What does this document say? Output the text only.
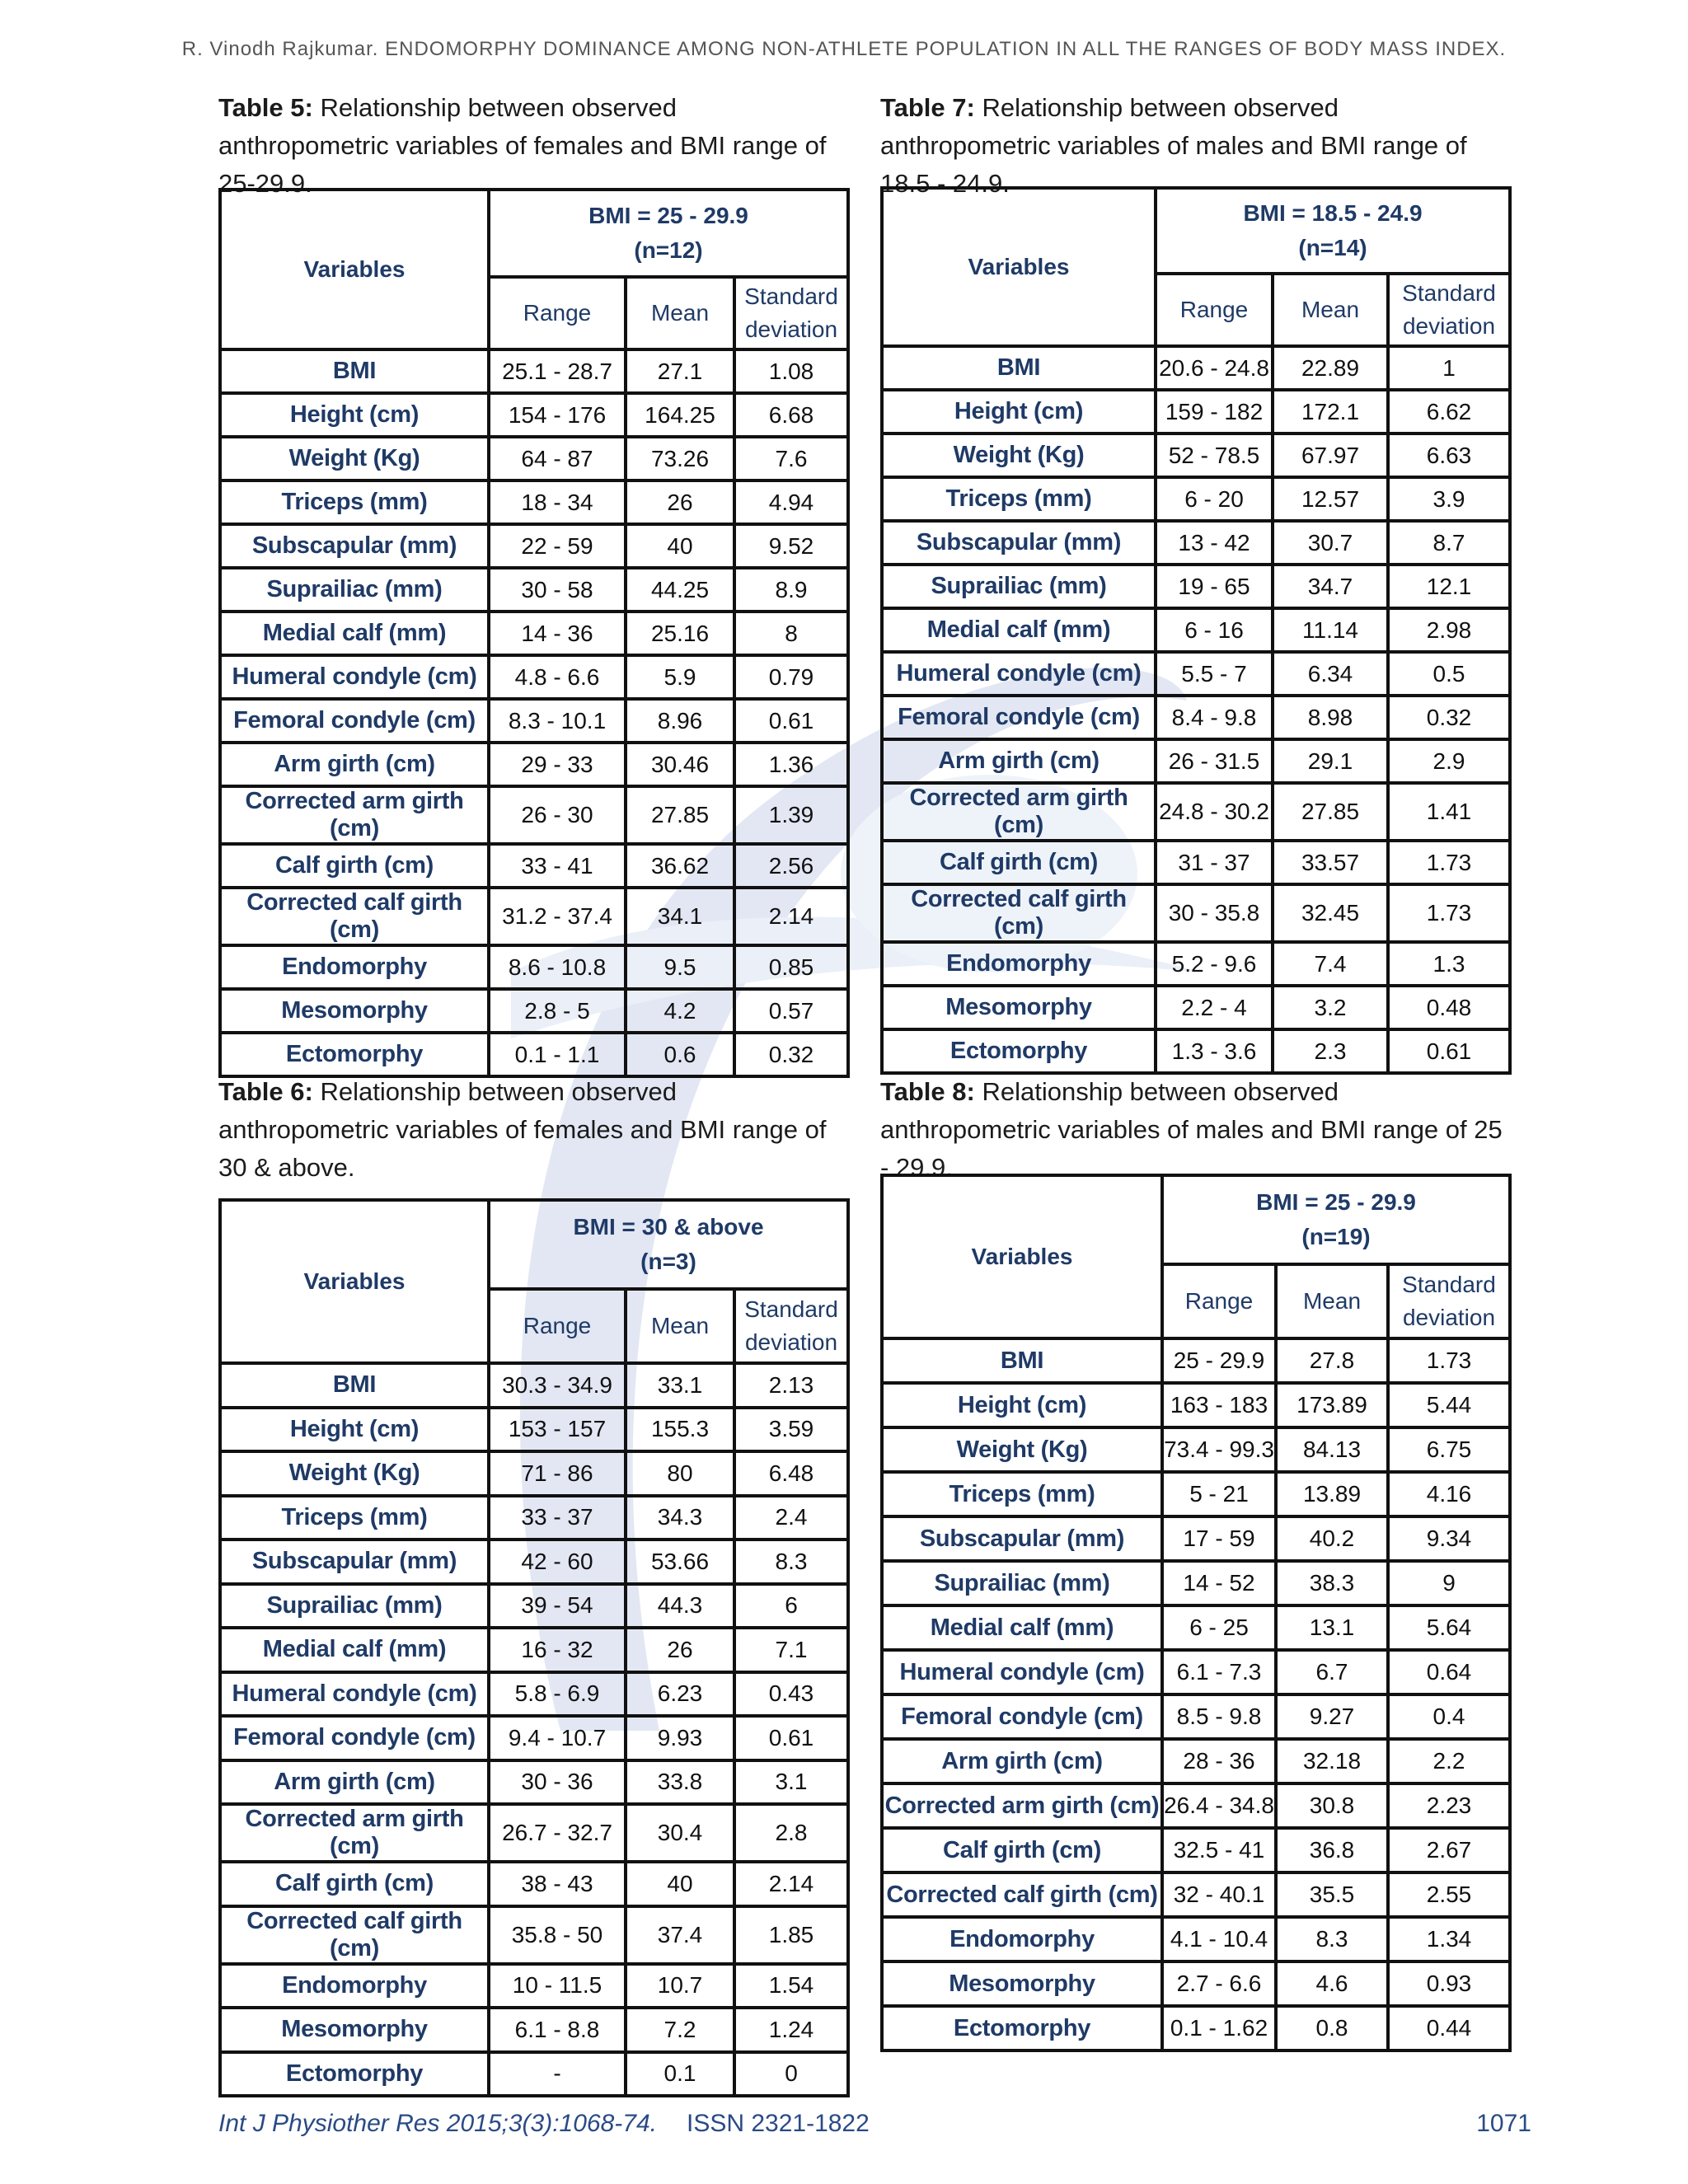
R. Vinodh Rajkumar. ENDOMORPHY DOMINANCE AMONG NON-ATHLETE POPULATION IN ALL THE RANGES OF BODY MASS INDEX.

Table 5: Relationship between observed anthropometric variables of females and BMI range of 25-29.9.

Variables	BMI = 25 - 29.9
(n=12)		

	Range	Mean	Standard
deviation

BMI	25.1 - 28.7	27.1	1.08
Height (cm)	154 - 176	164.25	6.68
Weight (Kg)	64 - 87	73.26	7.6
Triceps (mm)	18 - 34	26	4.94
Subscapular (mm)	22 - 59	40	9.52
Suprailiac (mm)	30 - 58	44.25	8.9
Medial calf (mm)	14 - 36	25.16	8
Humeral condyle (cm)	4.8 - 6.6	5.9	0.79
Femoral condyle (cm)	8.3 - 10.1	8.96	0.61
Arm girth (cm)	29 - 33	30.46	1.36
Corrected arm girth (cm)	26 - 30	27.85	1.39
Calf girth (cm)	33 - 41	36.62	2.56
Corrected calf girth (cm)	31.2 - 37.4	34.1	2.14
Endomorphy	8.6 - 10.8	9.5	0.85
Mesomorphy	2.8 - 5	4.2	0.57
Ectomorphy	0.1 - 1.1	0.6	0.32

Table 6: Relationship between observed anthropometric variables of females and BMI range of 30 & above.

Variables	BMI = 30 & above
(n=3)		

	Range	Mean	Standard
deviation

BMI	30.3 - 34.9	33.1	2.13
Height (cm)	153 - 157	155.3	3.59
Weight (Kg)	71 - 86	80	6.48
Triceps (mm)	33 - 37	34.3	2.4
Subscapular (mm)	42 - 60	53.66	8.3
Suprailiac (mm)	39 - 54	44.3	6
Medial calf (mm)	16 - 32	26	7.1
Humeral condyle (cm)	5.8 - 6.9	6.23	0.43
Femoral condyle (cm)	9.4 - 10.7	9.93	0.61
Arm girth (cm)	30 - 36	33.8	3.1
Corrected arm girth (cm)	26.7 - 32.7	30.4	2.8
Calf girth (cm)	38 - 43	40	2.14
Corrected calf girth (cm)	35.8 - 50	37.4	1.85
Endomorphy	10 - 11.5	10.7	1.54
Mesomorphy	6.1 - 8.8	7.2	1.24
Ectomorphy	-	0.1	0

Table 7: Relationship between observed anthropometric variables of males and BMI range of 18.5 - 24.9.

Variables	BMI = 18.5 - 24.9
(n=14)		

	Range	Mean	Standard
deviation

BMI	20.6 - 24.8	22.89	1
Height (cm)	159 - 182	172.1	6.62
Weight (Kg)	52 - 78.5	67.97	6.63
Triceps (mm)	6 - 20	12.57	3.9
Subscapular (mm)	13 - 42	30.7	8.7
Suprailiac (mm)	19 - 65	34.7	12.1
Medial calf (mm)	6 - 16	11.14	2.98
Humeral condyle (cm)	5.5 - 7	6.34	0.5
Femoral condyle (cm)	8.4 - 9.8	8.98	0.32
Arm girth (cm)	26 - 31.5	29.1	2.9
Corrected arm girth (cm)	24.8 - 30.2	27.85	1.41
Calf girth (cm)	31 - 37	33.57	1.73
Corrected calf girth (cm)	30 - 35.8	32.45	1.73
Endomorphy	5.2 - 9.6	7.4	1.3
Mesomorphy	2.2 - 4	3.2	0.48
Ectomorphy	1.3 - 3.6	2.3	0.61

Table 8: Relationship between observed anthropometric variables of males and BMI range of 25 - 29.9.

Variables	BMI = 25 - 29.9
(n=19)		

	Range	Mean	Standard
deviation

BMI	25 - 29.9	27.8	1.73
Height (cm)	163 - 183	173.89	5.44
Weight (Kg)	73.4 - 99.3	84.13	6.75
Triceps (mm)	5 - 21	13.89	4.16
Subscapular (mm)	17 - 59	40.2	9.34
Suprailiac (mm)	14 - 52	38.3	9
Medial calf (mm)	6 - 25	13.1	5.64
Humeral condyle (cm)	6.1 - 7.3	6.7	0.64
Femoral condyle (cm)	8.5 - 9.8	9.27	0.4
Arm girth (cm)	28 - 36	32.18	2.2
Corrected arm girth (cm)	26.4 - 34.8	30.8	2.23
Calf girth (cm)	32.5 - 41	36.8	2.67
Corrected calf girth (cm)	32 - 40.1	35.5	2.55
Endomorphy	4.1 - 10.4	8.3	1.34
Mesomorphy	2.7 - 6.6	4.6	0.93
Ectomorphy	0.1 - 1.62	0.8	0.44
Int J Physiother Res 2015;3(3):1068-74. ISSN 2321-1822	1071
